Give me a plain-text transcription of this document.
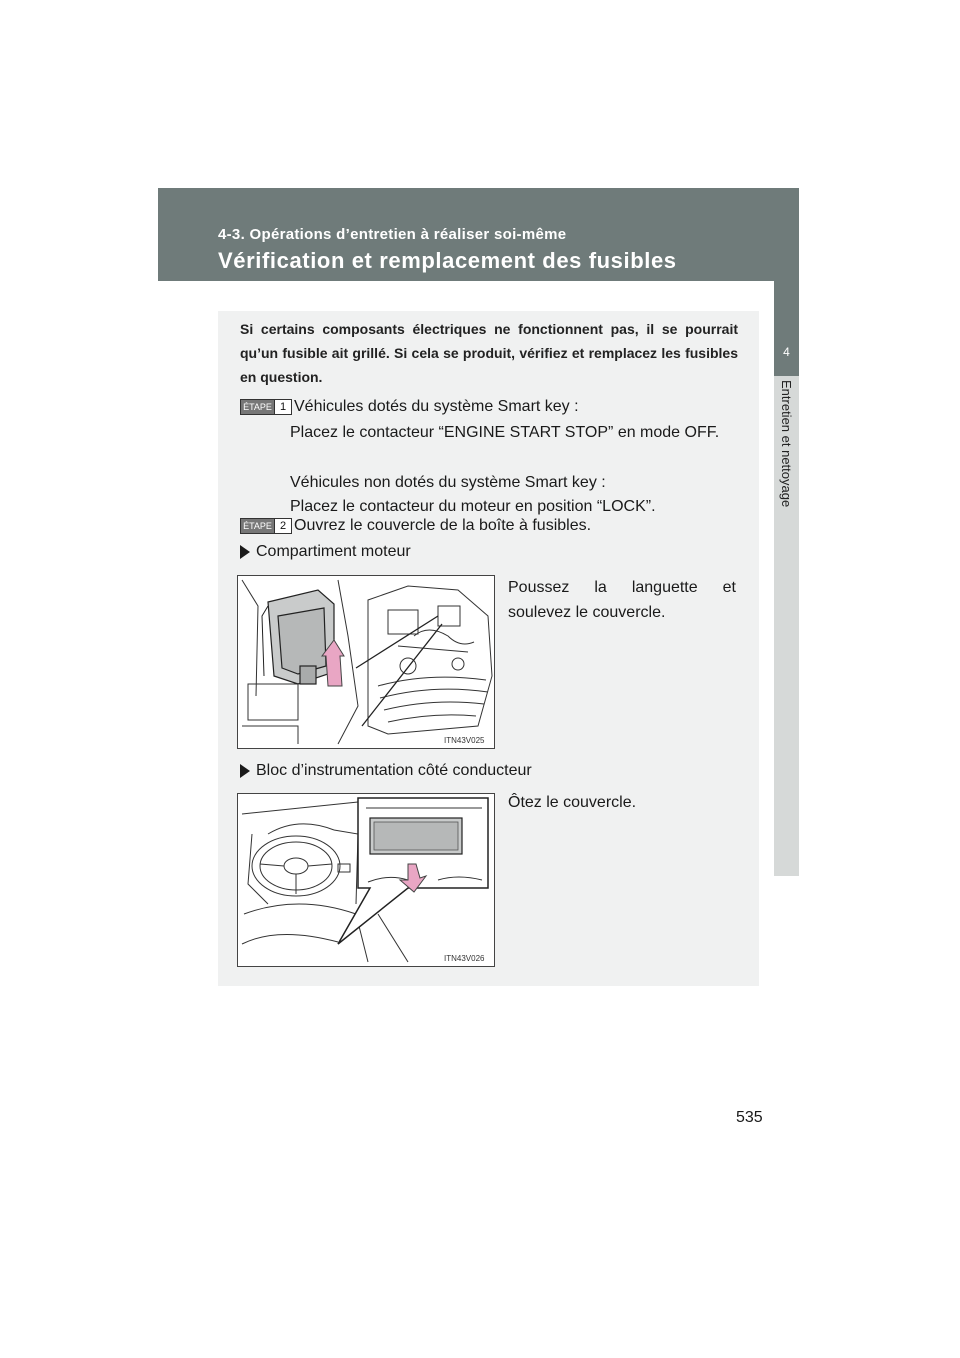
4-3. Opérations d’entretien à réaliser soi-même
Vérification et remplacement des fusibles
4
Entretien et nettoyage
Si certains composants électriques ne fonctionnent pas, il se pourrait qu’un fusible ait grillé. Si cela se produit, vérifiez et remplacez les fusibles en question.
ÉTAPE 1 Véhicules dotés du système Smart key :
Placez le contacteur “ENGINE START STOP” en mode OFF.
Véhicules non dotés du système Smart key :
Placez le contacteur du moteur en position “LOCK”.
ÉTAPE 2 Ouvrez le couvercle de la boîte à fusibles.
Compartiment moteur
Poussez la languette et soulevez le couvercle.
ITN43V025
Bloc d’instrumentation côté conducteur
Ôtez le couvercle.
ITN43V026
535
